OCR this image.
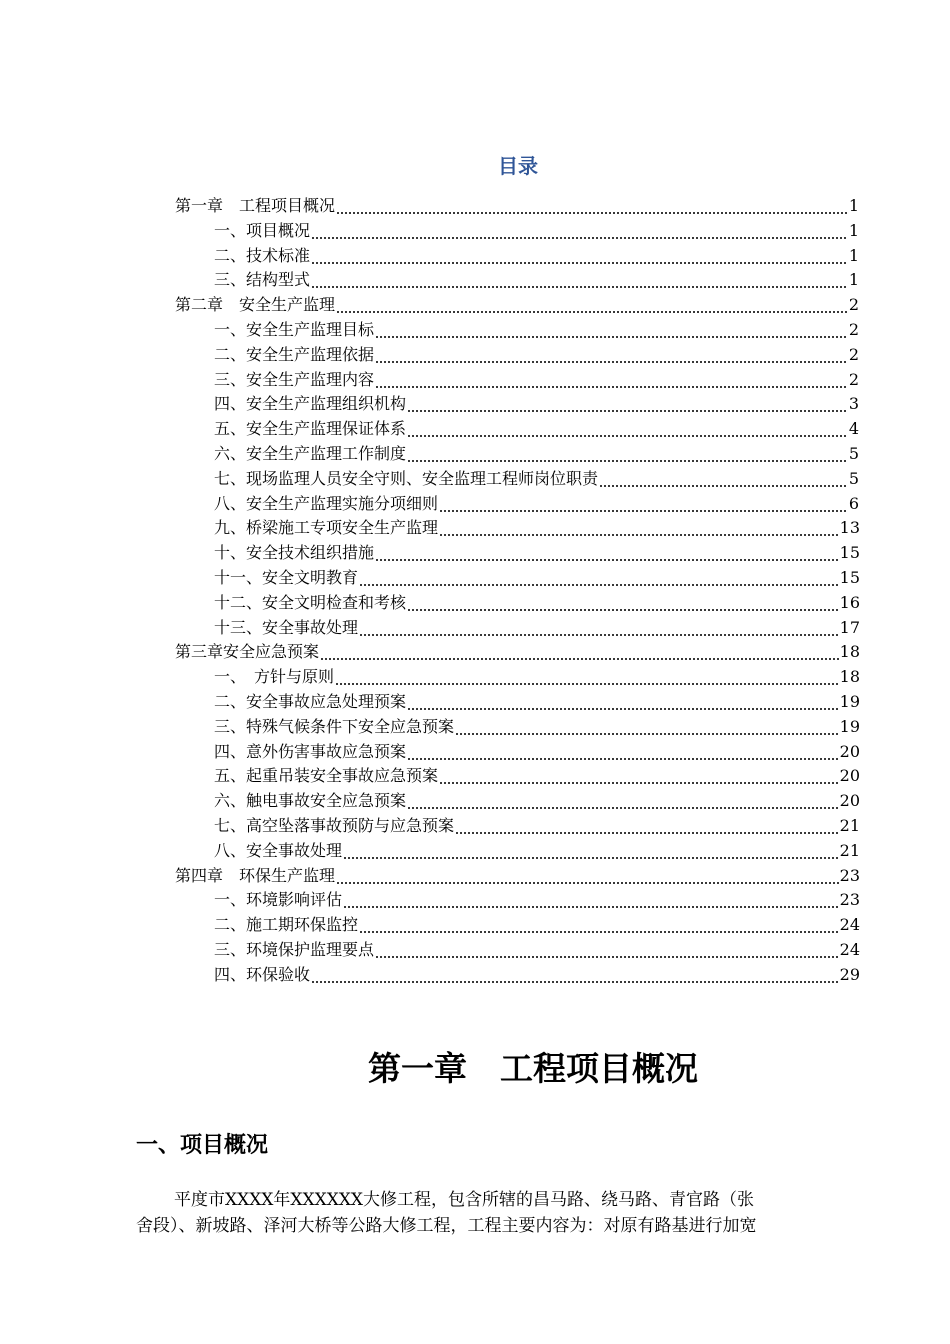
目录
第一章　工程项目概况	1
一、项目概况	1
二、技术标准	1
三、结构型式	1
第二章　安全生产监理	2
一、安全生产监理目标	2
二、安全生产监理依据	2
三、安全生产监理内容	2
四、安全生产监理组织机构	3
五、安全生产监理保证体系	4
六、安全生产监理工作制度	5
七、现场监理人员安全守则、安全监理工程师岗位职责	5
八、安全生产监理实施分项细则	6
九、桥梁施工专项安全生产监理	13
十、安全技术组织措施	15
十一、安全文明教育	15
十二、安全文明检查和考核	16
十三、安全事故处理	17
第三章安全应急预案	18
一、　方针与原则	18
二、安全事故应急处理预案	19
三、特殊气候条件下安全应急预案	19
四、意外伤害事故应急预案	20
五、起重吊装安全事故应急预案	20
六、触电事故安全应急预案	20
七、高空坠落事故预防与应急预案	21
八、安全事故处理	21
第四章　环保生产监理	23
一、环境影响评估	23
二、施工期环保监控	24
三、环境保护监理要点	24
四、环保验收	29
第一章　工程项目概况
一、项目概况
平度市XXXX年XXXXXX大修工程，包含所辖的昌马路、绕马路、青官路（张
舍段）、新坡路、泽河大桥等公路大修工程，工程主要内容为：对原有路基进行加宽
